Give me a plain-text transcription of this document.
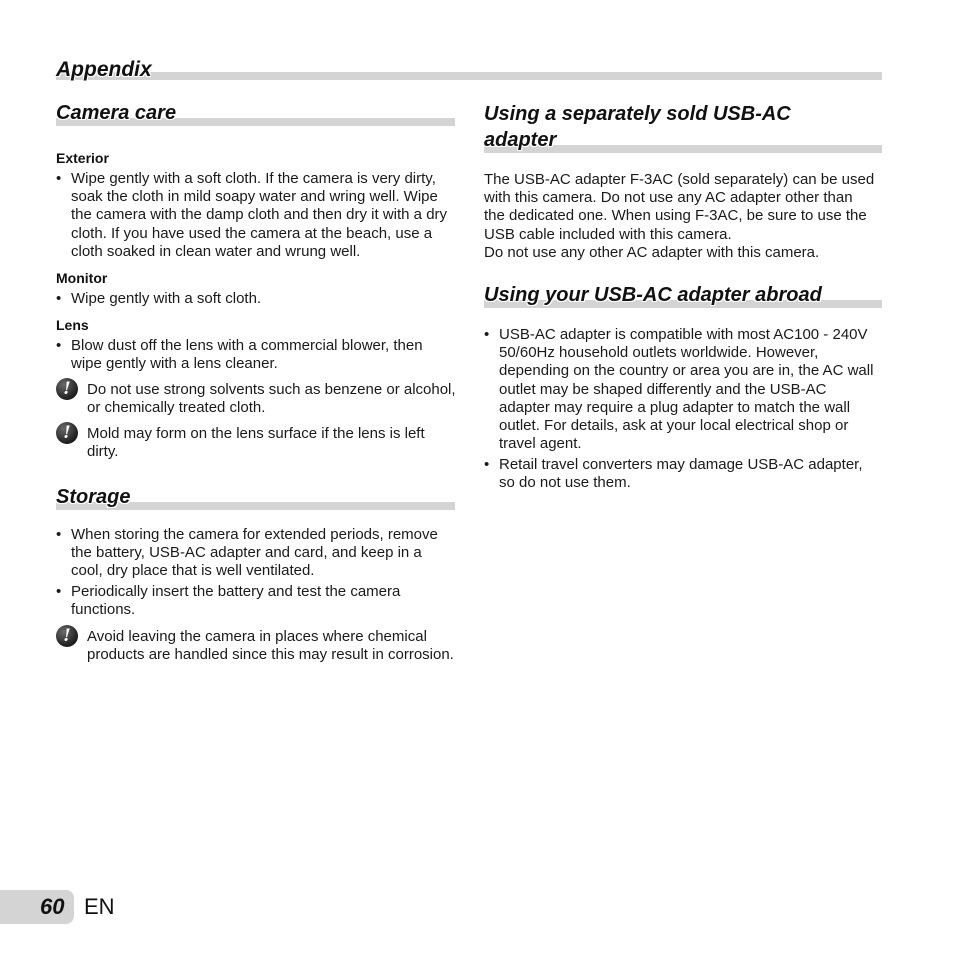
Appendix
Camera care
Exterior
• Wipe gently with a soft cloth. If the camera is very dirty, soak the cloth in mild soapy water and wring well. Wipe the camera with the damp cloth and then dry it with a dry cloth. If you have used the camera at the beach, use a cloth soaked in clean water and wrung well.
Monitor
• Wipe gently with a soft cloth.
Lens
• Blow dust off the lens with a commercial blower, then wipe gently with a lens cleaner.
!	Do not use strong solvents such as benzene or alcohol, or chemically treated cloth.
!	Mold may form on the lens surface if the lens is left dirty.
Storage
• When storing the camera for extended periods, remove the battery, USB-AC adapter and card, and keep in a cool, dry place that is well ventilated.
• Periodically insert the battery and test the camera functions.
!	Avoid leaving the camera in places where chemical products are handled since this may result in corrosion.
Using a separately sold USB-AC adapter
The USB-AC adapter F-3AC (sold separately) can be used with this camera. Do not use any AC adapter other than the dedicated one. When using F-3AC, be sure to use the USB cable included with this camera.
Do not use any other AC adapter with this camera.
Using your USB-AC adapter abroad
• USB-AC adapter is compatible with most AC100 - 240V 50/60Hz household outlets worldwide. However, depending on the country or area you are in, the AC wall outlet may be shaped differently and the USB-AC adapter may require a plug adapter to match the wall outlet. For details, ask at your local electrical shop or travel agent.
• Retail travel converters may damage USB-AC adapter, so do not use them.
60 EN
